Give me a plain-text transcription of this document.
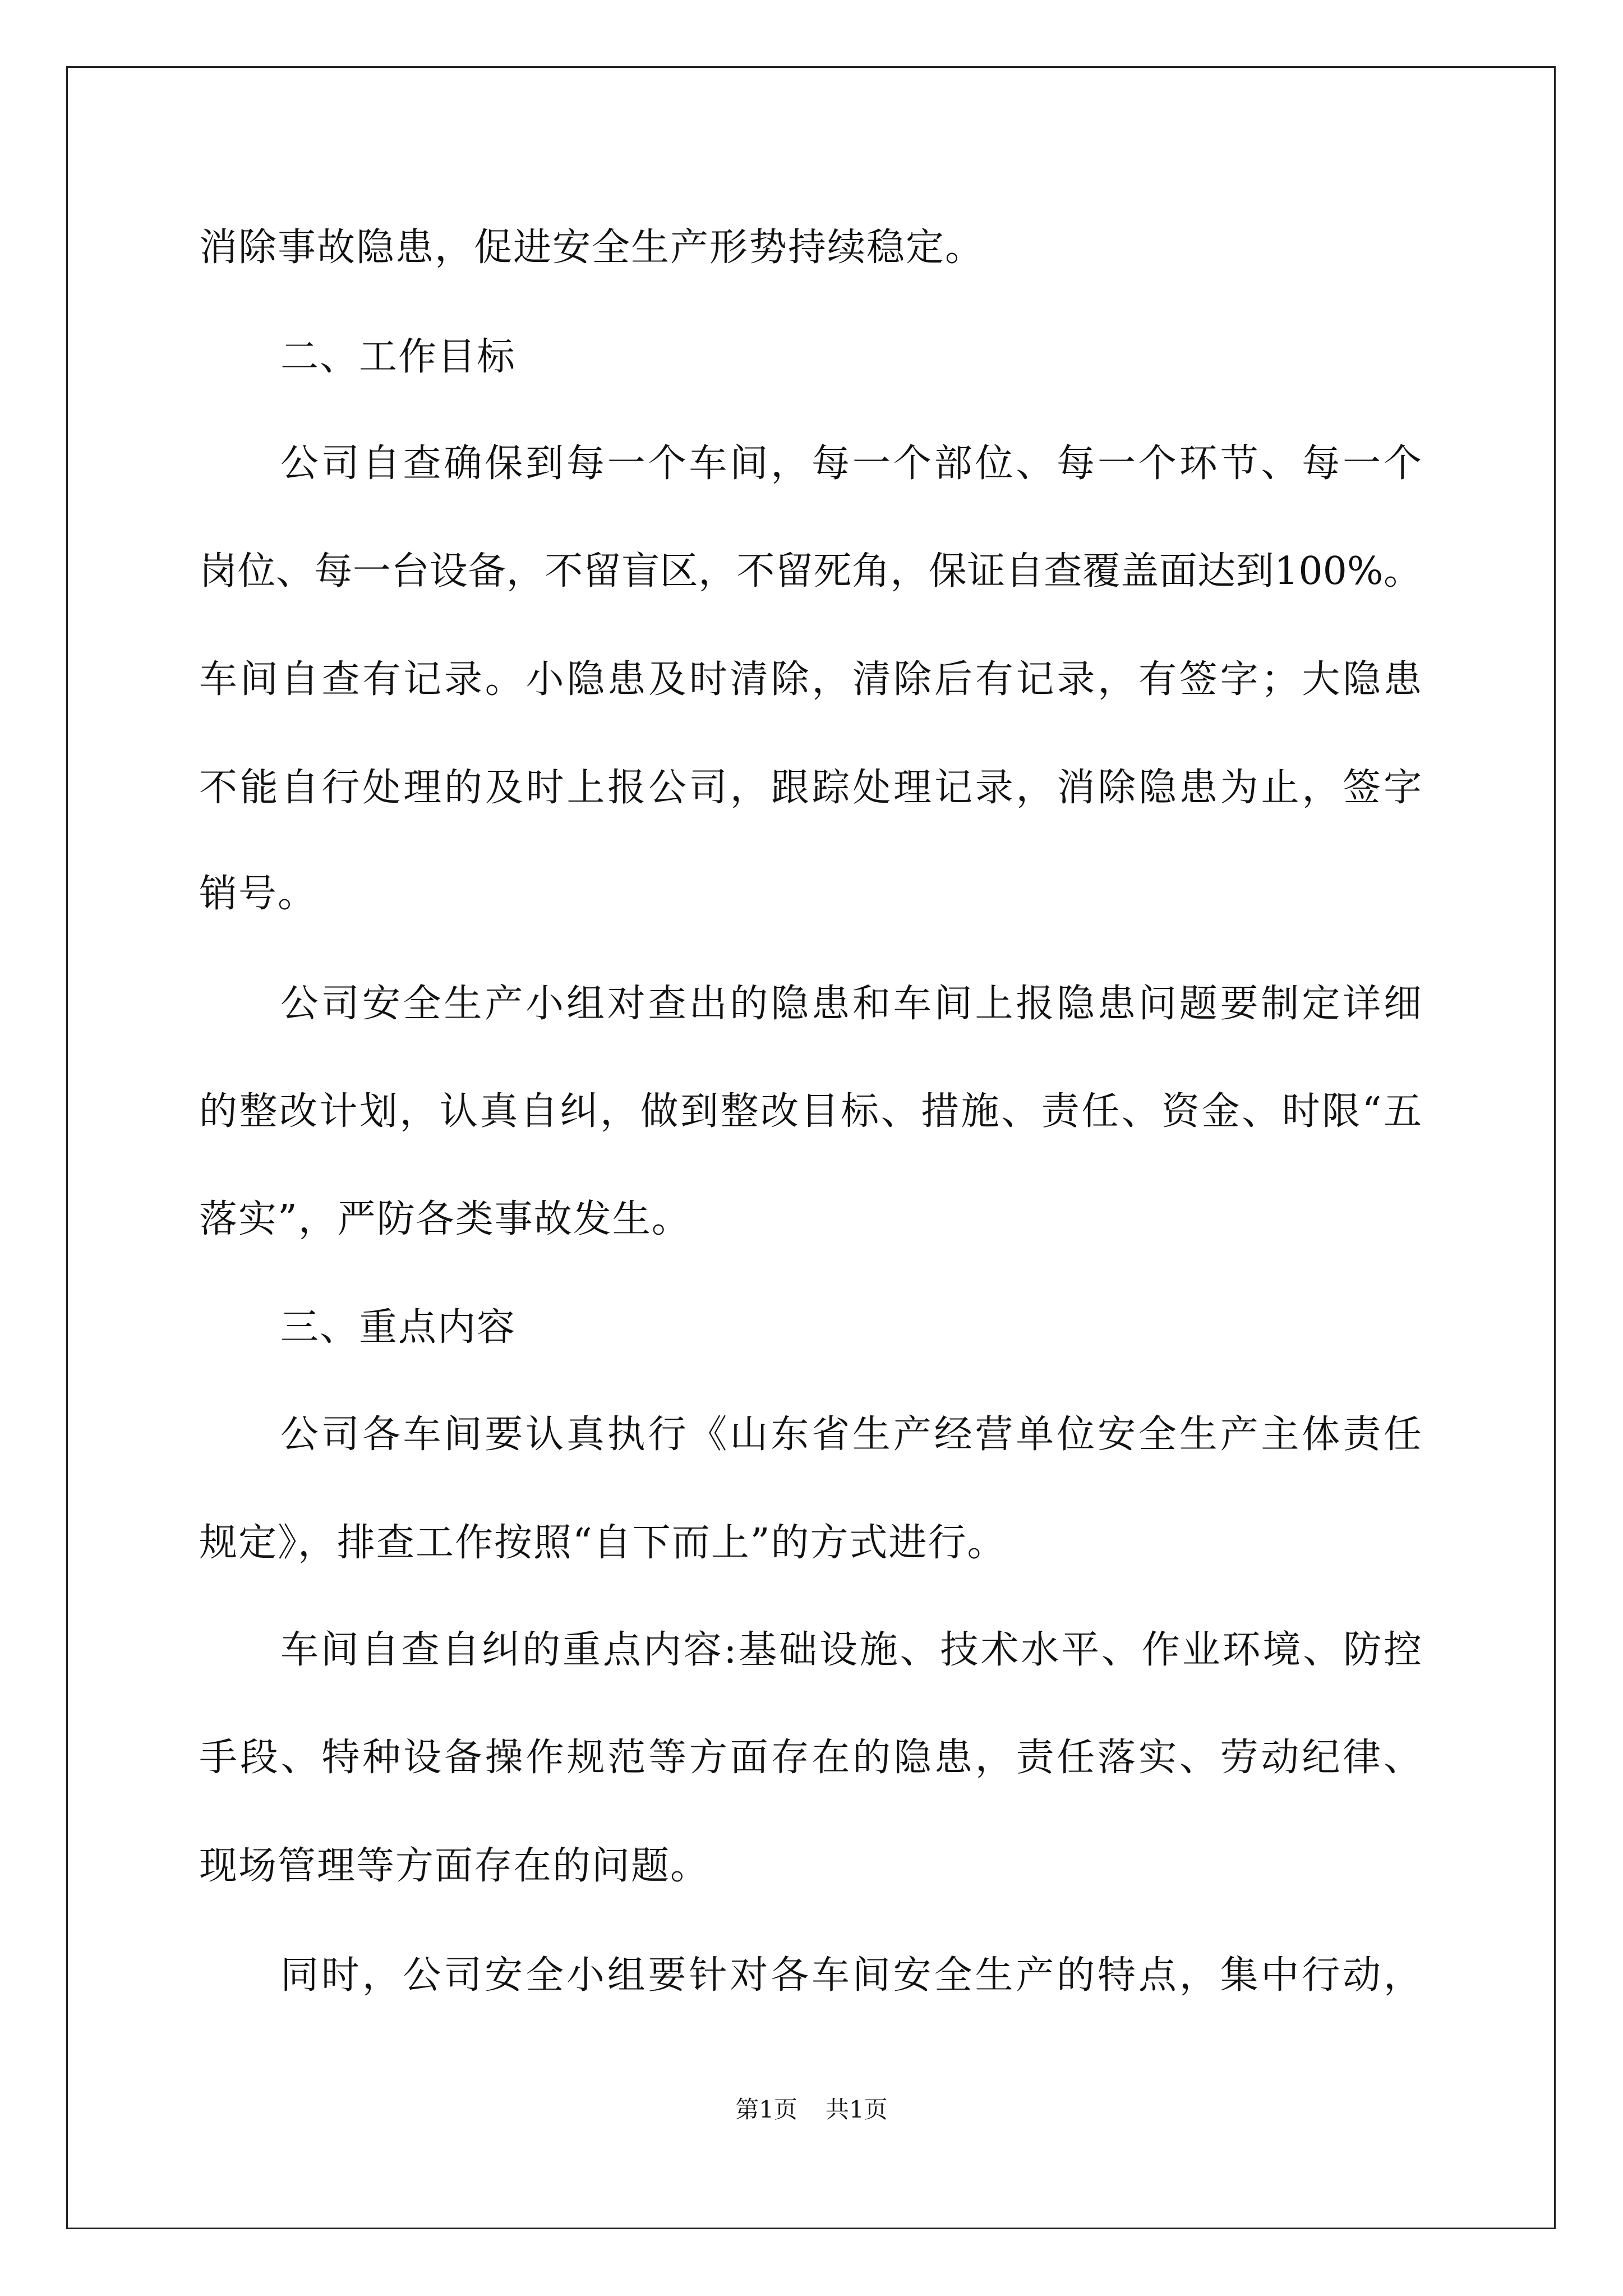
消除事故隐患，促进安全生产形势持续稳定。
二、工作目标
公司自查确保到每一个车间，每一个部位、每一个环节、每一个
岗位、每一台设备，不留盲区，不留死角，保证自查覆盖面达到100%。
车间自查有记录。小隐患及时清除，清除后有记录，有签字；大隐患
不能自行处理的及时上报公司，跟踪处理记录，消除隐患为止，签字
销号。
公司安全生产小组对查出的隐患和车间上报隐患问题要制定详细
的整改计划，认真自纠，做到整改目标、措施、责任、资金、时限“五
落实”，严防各类事故发生。
三、重点内容
公司各车间要认真执行《山东省生产经营单位安全生产主体责任
规定》，排查工作按照“自下而上”的方式进行。
车间自查自纠的重点内容:基础设施、技术水平、作业环境、防控
手段、特种设备操作规范等方面存在的隐患，责任落实、劳动纪律、
现场管理等方面存在的问题。
同时，公司安全小组要针对各车间安全生产的特点，集中行动，
第1页 共1页
